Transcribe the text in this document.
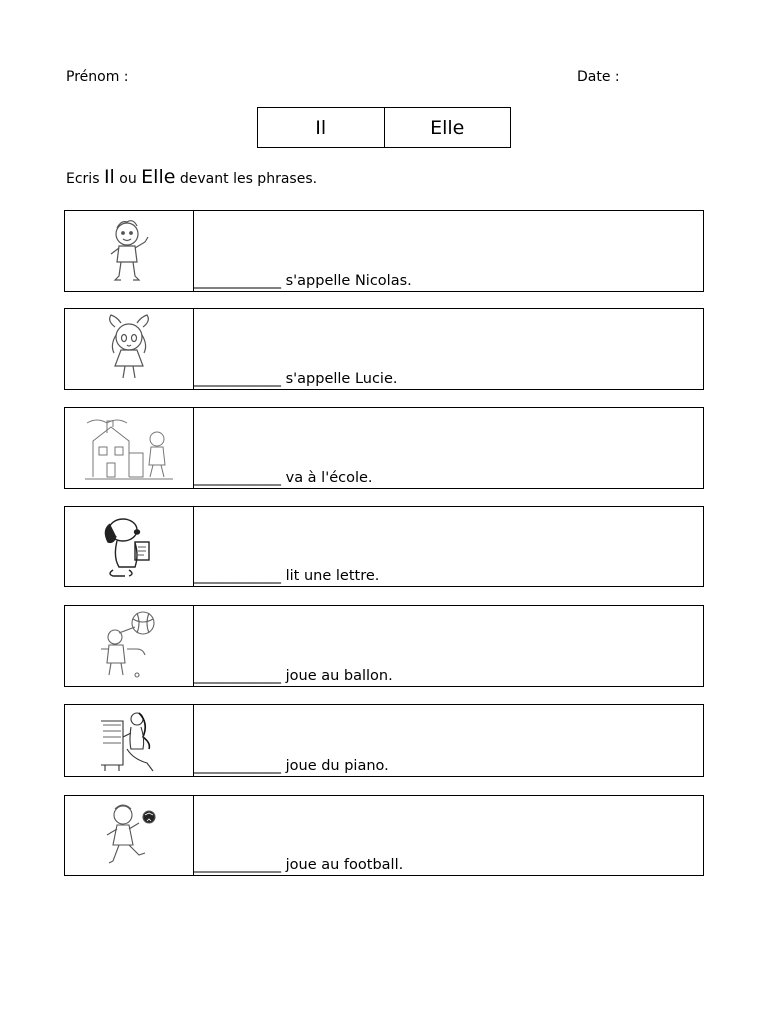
Prénom :	Date :
Il	Elle
Ecris Il ou Elle devant les phrases.
____________ s'appelle Nicolas.
____________ s'appelle Lucie.
____________ va à l'école.
____________ lit une lettre.
____________ joue au ballon.
____________ joue du piano.
____________ joue au football.
